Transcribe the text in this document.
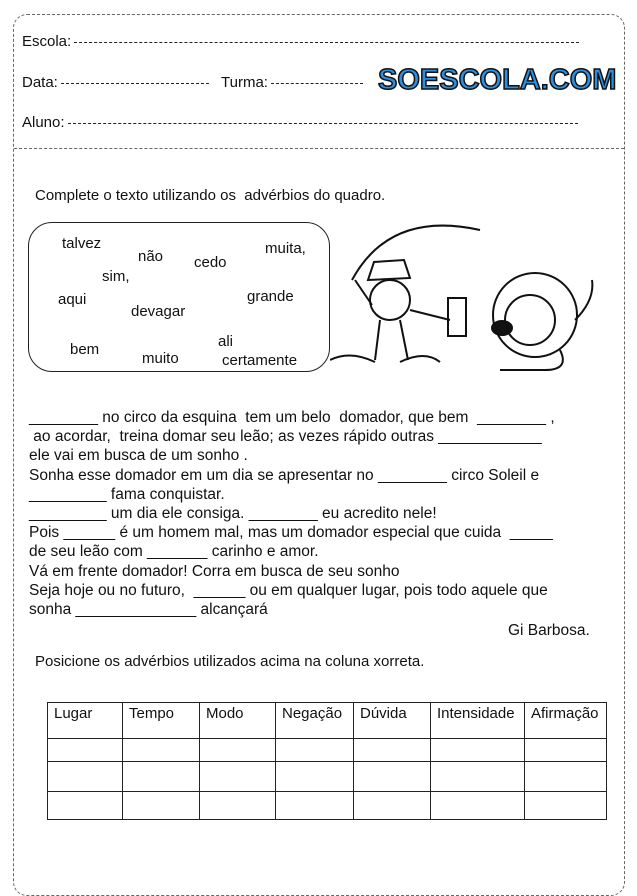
Escola:
Data:	Turma:	SOESCOLA.COM
Aluno:
Complete o texto utilizando os  advérbios do quadro.
talvez
não cedo
muita,
sim,
aqui
devagar
grande
bem
muito
ali
certamente
________ no circo da esquina  tem um belo  domador, que bem  ________ ,
ao acordar,  treina domar seu leão; as vezes rápido outras ____________
ele vai em busca de um sonho .
Sonha esse domador em um dia se apresentar no ________ circo Soleil e
_________ fama conquistar.
_________ um dia ele consiga. ________ eu acredito nele!
Pois ______ é um homem mal, mas um domador especial que cuida  _____
de seu leão com _______ carinho e amor.
Vá em frente domador! Corra em busca de seu sonho
Seja hoje ou no futuro,  ______ ou em qualquer lugar, pois todo aquele que
sonha ______________ alcançará
Gi Barbosa.
Posicione os advérbios utilizados acima na coluna xorreta.
Lugar	Tempo	Modo	Negação	Dúvida	Intensidade	Afirmação
